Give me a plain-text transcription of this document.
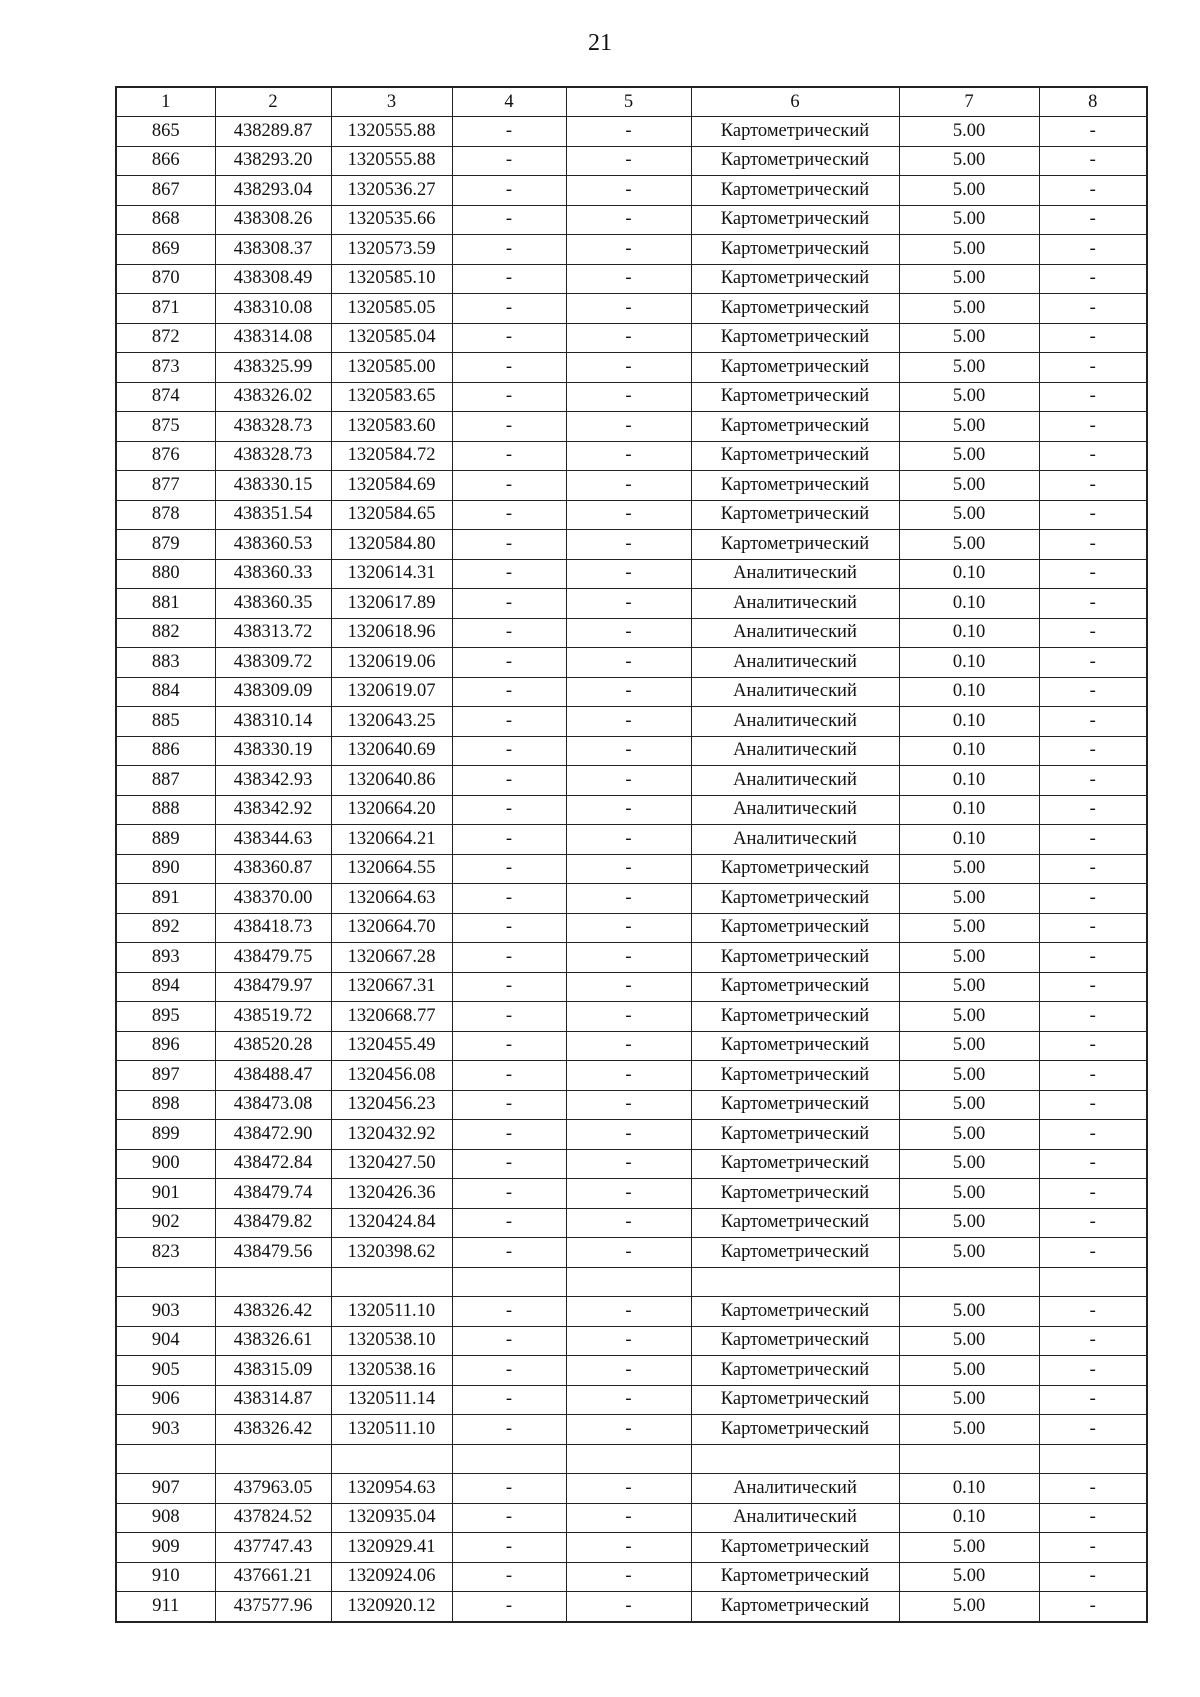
21
1	2	3	4	5	6	7	8
865	438289.87	1320555.88	-	-	Картометрический	5.00	-
866	438293.20	1320555.88	-	-	Картометрический	5.00	-
867	438293.04	1320536.27	-	-	Картометрический	5.00	-
868	438308.26	1320535.66	-	-	Картометрический	5.00	-
869	438308.37	1320573.59	-	-	Картометрический	5.00	-
870	438308.49	1320585.10	-	-	Картометрический	5.00	-
871	438310.08	1320585.05	-	-	Картометрический	5.00	-
872	438314.08	1320585.04	-	-	Картометрический	5.00	-
873	438325.99	1320585.00	-	-	Картометрический	5.00	-
874	438326.02	1320583.65	-	-	Картометрический	5.00	-
875	438328.73	1320583.60	-	-	Картометрический	5.00	-
876	438328.73	1320584.72	-	-	Картометрический	5.00	-
877	438330.15	1320584.69	-	-	Картометрический	5.00	-
878	438351.54	1320584.65	-	-	Картометрический	5.00	-
879	438360.53	1320584.80	-	-	Картометрический	5.00	-
880	438360.33	1320614.31	-	-	Аналитический	0.10	-
881	438360.35	1320617.89	-	-	Аналитический	0.10	-
882	438313.72	1320618.96	-	-	Аналитический	0.10	-
883	438309.72	1320619.06	-	-	Аналитический	0.10	-
884	438309.09	1320619.07	-	-	Аналитический	0.10	-
885	438310.14	1320643.25	-	-	Аналитический	0.10	-
886	438330.19	1320640.69	-	-	Аналитический	0.10	-
887	438342.93	1320640.86	-	-	Аналитический	0.10	-
888	438342.92	1320664.20	-	-	Аналитический	0.10	-
889	438344.63	1320664.21	-	-	Аналитический	0.10	-
890	438360.87	1320664.55	-	-	Картометрический	5.00	-
891	438370.00	1320664.63	-	-	Картометрический	5.00	-
892	438418.73	1320664.70	-	-	Картометрический	5.00	-
893	438479.75	1320667.28	-	-	Картометрический	5.00	-
894	438479.97	1320667.31	-	-	Картометрический	5.00	-
895	438519.72	1320668.77	-	-	Картометрический	5.00	-
896	438520.28	1320455.49	-	-	Картометрический	5.00	-
897	438488.47	1320456.08	-	-	Картометрический	5.00	-
898	438473.08	1320456.23	-	-	Картометрический	5.00	-
899	438472.90	1320432.92	-	-	Картометрический	5.00	-
900	438472.84	1320427.50	-	-	Картометрический	5.00	-
901	438479.74	1320426.36	-	-	Картометрический	5.00	-
902	438479.82	1320424.84	-	-	Картометрический	5.00	-
823	438479.56	1320398.62	-	-	Картометрический	5.00	-

903	438326.42	1320511.10	-	-	Картометрический	5.00	-
904	438326.61	1320538.10	-	-	Картометрический	5.00	-
905	438315.09	1320538.16	-	-	Картометрический	5.00	-
906	438314.87	1320511.14	-	-	Картометрический	5.00	-
903	438326.42	1320511.10	-	-	Картометрический	5.00	-

907	437963.05	1320954.63	-	-	Аналитический	0.10	-
908	437824.52	1320935.04	-	-	Аналитический	0.10	-
909	437747.43	1320929.41	-	-	Картометрический	5.00	-
910	437661.21	1320924.06	-	-	Картометрический	5.00	-
911	437577.96	1320920.12	-	-	Картометрический	5.00	-
